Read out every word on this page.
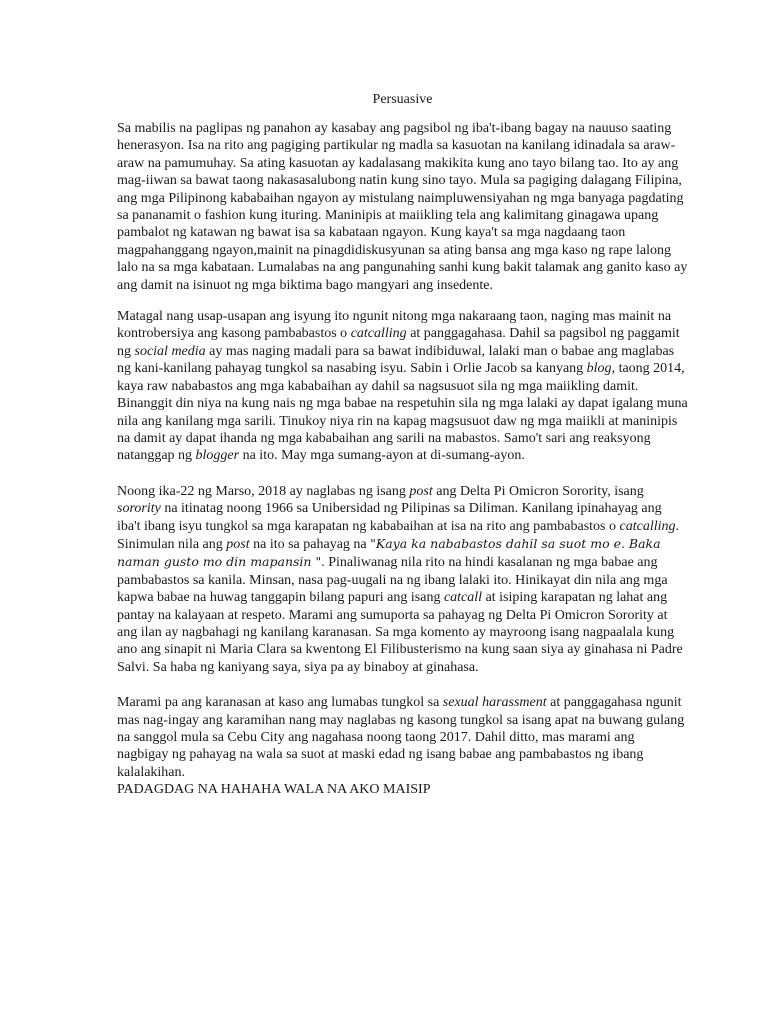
Persuasive

Sa mabilis na paglipas ng panahon ay kasabay ang pagsibol ng iba't-ibang bagay na nauuso saating henerasyon. Isa na rito ang pagiging partikular ng madla sa kasuotan na kanilang idinadala sa araw- araw na pamumuhay. Sa ating kasuotan ay kadalasang makikita kung ano tayo bilang tao. Ito ay ang mag-iiwan sa bawat taong nakasasalubong natin kung sino tayo. Mula sa pagiging dalagang Filipina, ang mga Pilipinong kababaihan ngayon ay mistulang naimpluwensiyahan ng mga banyaga pagdating sa pananamit o fashion kung ituring. Maninipis at maiikling tela ang kalimitang ginagawa upang pambalot ng katawan ng bawat isa sa kabataan ngayon. Kung kaya't sa mga nagdaang taon magpahanggang ngayon,mainit na pinagdidiskusyunan sa ating bansa ang mga kaso ng rape lalong lalo na sa mga kabataan. Lumalabas na ang pangunahing sanhi kung bakit talamak ang ganito kaso ay ang damit na isinuot ng mga biktima bago mangyari ang insedente.

Matagal nang usap-usapan ang isyung ito ngunit nitong mga nakaraang taon, naging mas mainit na kontrobersiya ang kasong pambabastos o catcalling at panggagahasa. Dahil sa pagsibol ng paggamit ng social media ay mas naging madali para sa bawat indibiduwal, lalaki man o babae ang maglabas ng kani-kanilang pahayag tungkol sa nasabing isyu. Sabin i Orlie Jacob sa kanyang blog, taong 2014, kaya raw nababastos ang mga kababaihan ay dahil sa nagsusuot sila ng mga maiikling damit. Binanggit din niya na kung nais ng mga babae na respetuhin sila ng mga lalaki ay dapat igalang muna nila ang kanilang mga sarili. Tinukoy niya rin na kapag magsusuot daw ng mga maiikli at maninipis na damit ay dapat ihanda ng mga kababaihan ang sarili na mabastos. Samo't sari ang reaksyong natanggap ng blogger na ito. May mga sumang-ayon at di-sumang-ayon.

Noong ika-22 ng Marso, 2018 ay naglabas ng isang post ang Delta Pi Omicron Sorority, isang sorority na itinatag noong 1966 sa Unibersidad ng Pilipinas sa Diliman. Kanilang ipinahayag ang iba't ibang isyu tungkol sa mga karapatan ng kababaihan at isa na rito ang pambabastos o catcalling. Sinimulan nila ang post na ito sa pahayag na "Kaya ka nababastos dahil sa suot mo e. Baka naman gusto mo din mapansin ". Pinaliwanag nila rito na hindi kasalanan ng mga babae ang pambabastos sa kanila. Minsan, nasa pag-uugali na ng ibang lalaki ito. Hinikayat din nila ang mga kapwa babae na huwag tanggapin bilang papuri ang isang catcall at isiping karapatan ng lahat ang pantay na kalayaan at respeto. Marami ang sumuporta sa pahayag ng Delta Pi Omicron Sorority at ang ilan ay nagbahagi ng kanilang karanasan. Sa mga komento ay mayroong isang nagpaalala kung ano ang sinapit ni Maria Clara sa kwentong El Filibusterismo na kung saan siya ay ginahasa ni Padre Salvi. Sa haba ng kaniyang saya, siya pa ay binaboy at ginahasa.

Marami pa ang karanasan at kaso ang lumabas tungkol sa sexual harassment at panggagahasa ngunit mas nag-ingay ang karamihan nang may naglabas ng kasong tungkol sa isang apat na buwang gulang na sanggol mula sa Cebu City ang nagahasa noong taong 2017. Dahil ditto, mas marami ang nagbigay ng pahayag na wala sa suot at maski edad ng isang babae ang pambabastos ng ibang kalalakihan.

PADAGDAG NA HAHAHA WALA NA AKO MAISIP
